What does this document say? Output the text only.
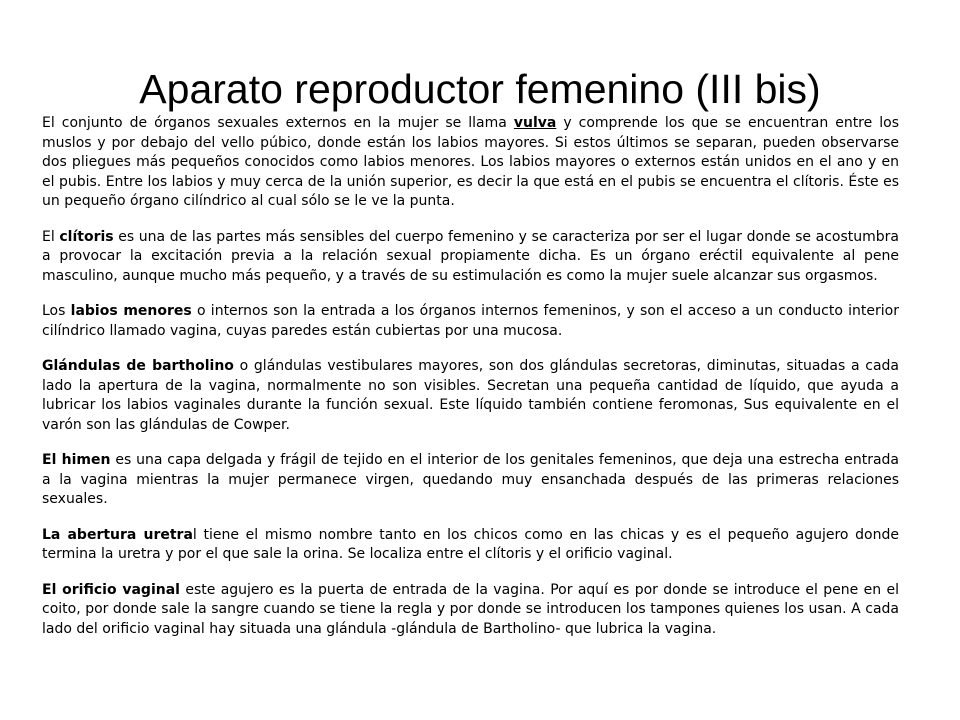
Aparato reproductor femenino (III bis)

El conjunto de órganos sexuales externos en la mujer se llama vulva y comprende los que se encuentran entre los muslos y por debajo del vello púbico, donde están los labios mayores. Si estos últimos se separan, pueden observarse dos pliegues más pequeños conocidos como labios menores. Los labios mayores o externos están unidos en el ano y en el pubis. Entre los labios y muy cerca de la unión superior, es decir la que está en el pubis se encuentra el clítoris. Éste es un pequeño órgano cilíndrico al cual sólo se le ve la punta.

El clítoris es una de las partes más sensibles del cuerpo femenino y se caracteriza por ser el lugar donde se acostumbra a provocar la excitación previa a la relación sexual propiamente dicha. Es un órgano eréctil equivalente al pene masculino, aunque mucho más pequeño, y a través de su estimulación es como la mujer suele alcanzar sus orgasmos.

Los labios menores o internos son la entrada a los órganos internos femeninos, y son el acceso a un conducto interior cilíndrico llamado vagina, cuyas paredes están cubiertas por una mucosa.

Glándulas de bartholino o glándulas vestibulares mayores, son dos glándulas secretoras, diminutas, situadas a cada lado la apertura de la vagina, normalmente no son visibles. Secretan una pequeña cantidad de líquido, que ayuda a lubricar los labios vaginales durante la función sexual. Este líquido también contiene feromonas, Sus equivalente en el varón son las glándulas de Cowper.

El himen es una capa delgada y frágil de tejido en el interior de los genitales femeninos, que deja una estrecha entrada a la vagina mientras la mujer permanece virgen, quedando muy ensanchada después de las primeras relaciones sexuales.

La abertura uretral tiene el mismo nombre tanto en los chicos como en las chicas y es el pequeño agujero donde termina la uretra y por el que sale la orina. Se localiza entre el clítoris y el orificio vaginal.

El orificio vaginal este agujero es la puerta de entrada de la vagina. Por aquí es por donde se introduce el pene en el coito, por donde sale la sangre cuando se tiene la regla y por donde se introducen los tampones quienes los usan. A cada lado del orificio vaginal hay situada una glándula -glándula de Bartholino- que lubrica la vagina.
